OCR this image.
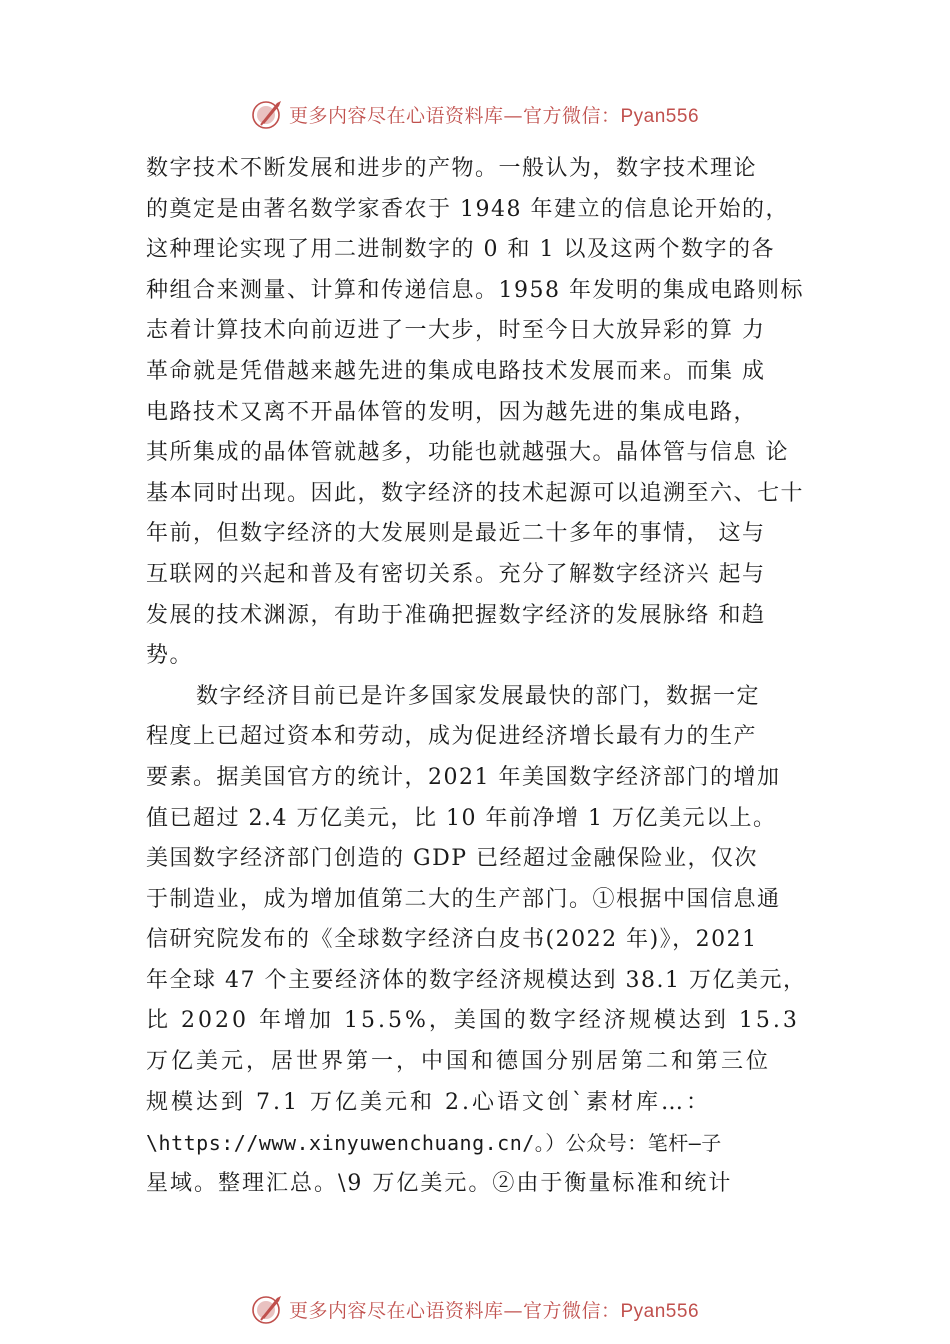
更多内容尽在心语资料库—官方微信：Pyan556
数字技术不断发展和进步的产物。一般认为，数字技术理论
的奠定是由著名数学家香农于 1948 年建立的信息论开始的，
这种理论实现了用二进制数字的 0 和 1 以及这两个数字的各
种组合来测量、计算和传递信息。1958 年发明的集成电路则标
志着计算技术向前迈进了一大步，时至今日大放异彩的算 力
革命就是凭借越来越先进的集成电路技术发展而来。而集 成
电路技术又离不开晶体管的发明，因为越先进的集成电路，
其所集成的晶体管就越多，功能也就越强大。晶体管与信息 论
基本同时出现。因此，数字经济的技术起源可以追溯至六、七十
年前，但数字经济的大发展则是最近二十多年的事情， 这与
互联网的兴起和普及有密切关系。充分了解数字经济兴 起与
发展的技术渊源，有助于准确把握数字经济的发展脉络 和趋
势。
数字经济目前已是许多国家发展最快的部门，数据一定
程度上已超过资本和劳动，成为促进经济增长最有力的生产
要素。据美国官方的统计，2021 年美国数字经济部门的增加
值已超过 2.4 万亿美元，比 10 年前净增 1 万亿美元以上。
美国数字经济部门创造的 GDP 已经超过金融保险业，仅次
于制造业，成为增加值第二大的生产部门。①根据中国信息通
信研究院发布的《全球数字经济白皮书(2022 年)》，2021
年全球 47 个主要经济体的数字经济规模达到 38.1 万亿美元，
比 2020 年增加 15.5%，美国的数字经济规模达到 15.3
万亿美元，居世界第一，中国和德国分别居第二和第三位
规模达到 7.1 万亿美元和 2.心语文创`素材库…：
\https://www.xinyuwenchuang.cn/。）公众号：笔杆—子
星域。整理汇总。\9 万亿美元。②由于衡量标准和统计
更多内容尽在心语资料库—官方微信：Pyan556
